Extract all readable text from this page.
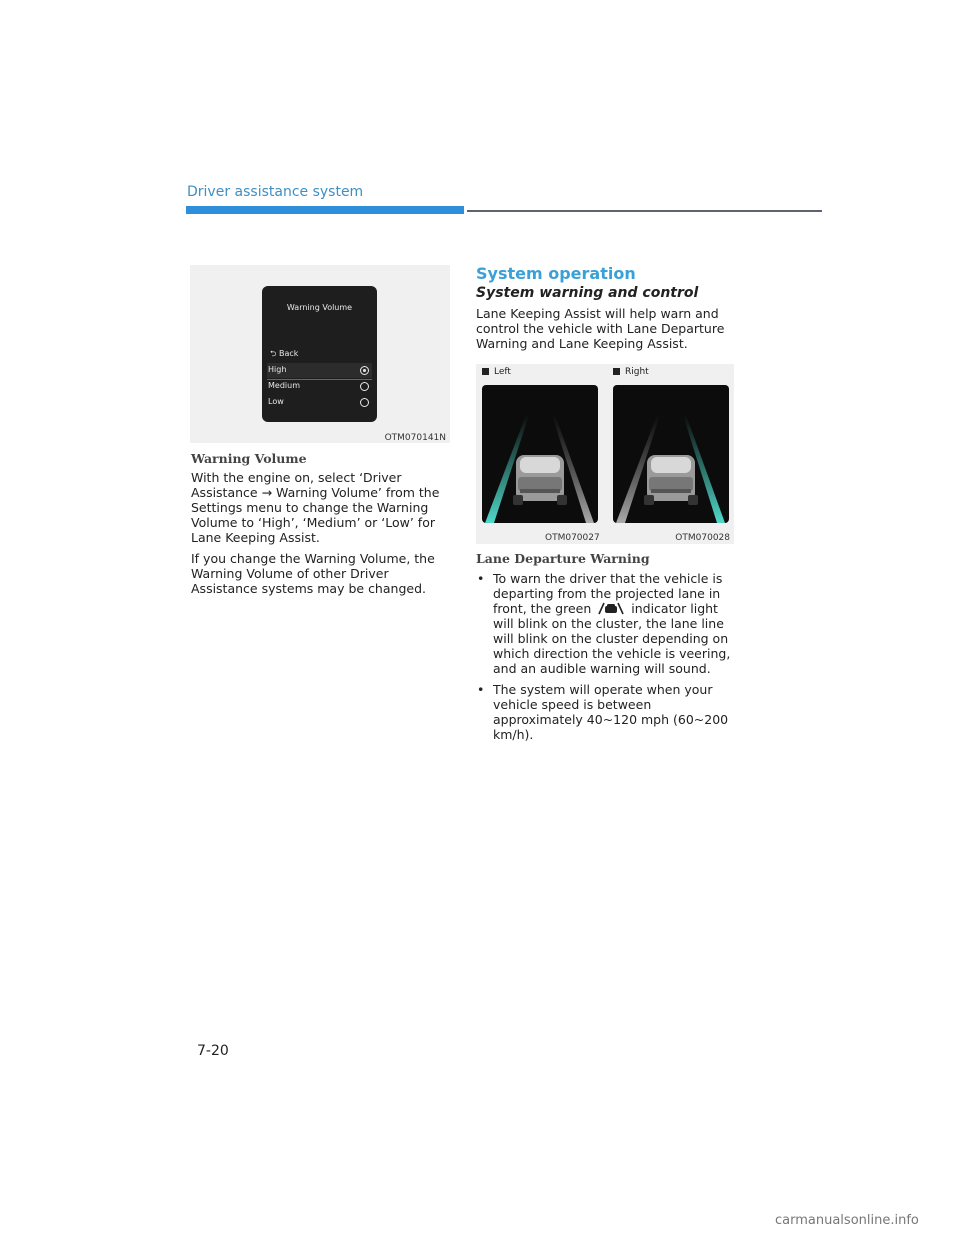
Driver assistance system
Warning Volume
⮌ Back
High
Medium
Low
OTM070141N
Warning Volume

With the engine on, select ‘Driver Assistance → Warning Volume’ from the Settings menu to change the Warning Volume to ‘High’, ‘Medium’ or ‘Low’ for Lane Keeping Assist.

If you change the Warning Volume, the Warning Volume of other Driver Assistance systems may be changed.

System operation
System warning and control
Lane Keeping Assist will help warn and control the vehicle with Lane Departure Warning and Lane Keeping Assist.
Left	Right
OTM070027	OTM070028
Lane Departure Warning
• To warn the driver that the vehicle is departing from the projected lane in front, the green	indicator light will blink on the cluster, the lane line will blink on the cluster depending on which direction the vehicle is veering, and an audible warning will sound.
• The system will operate when your vehicle speed is between approximately 40~120 mph (60~200 km/h).
7-20
carmanualsonline.info
